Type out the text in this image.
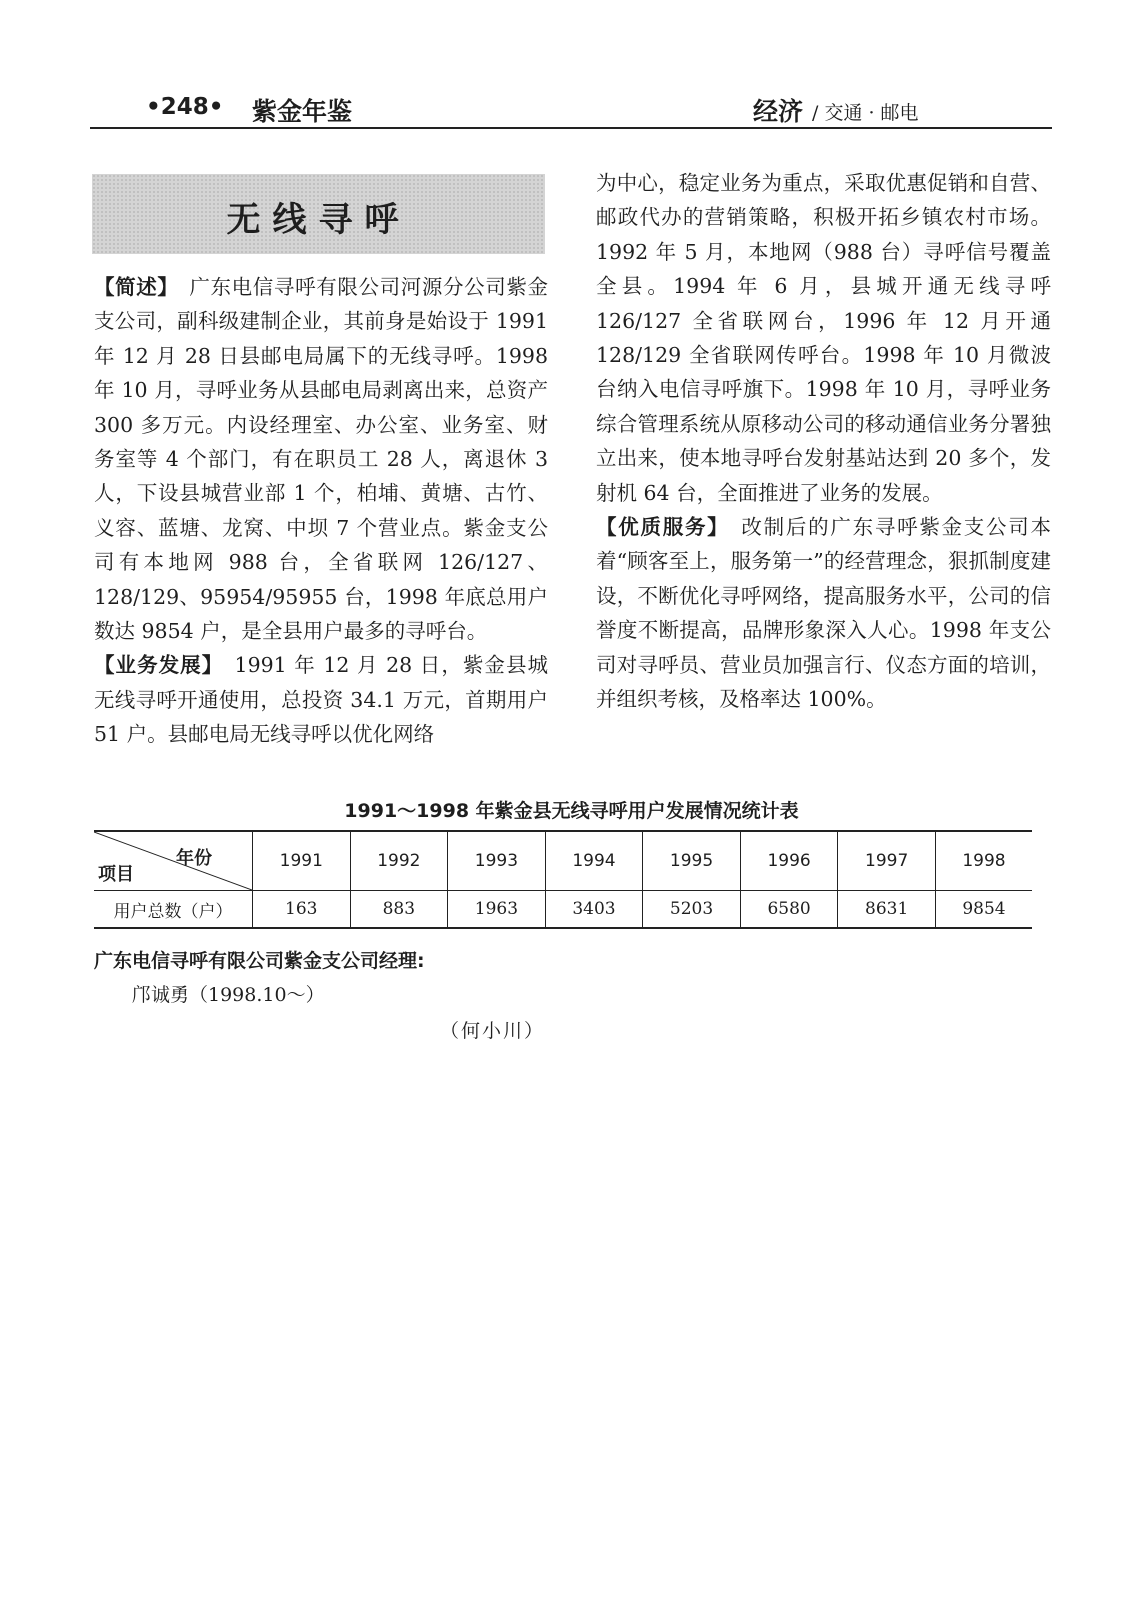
•248• 紫金年鉴	经济 / 交通 · 邮电
无线寻呼

【简述】　广东电信寻呼有限公司河源分公司紫金支公司，副科级建制企业，其前身是始设于 1991 年 12 月 28 日县邮电局属下的无线寻呼。1998 年 10 月，寻呼业务从县邮电局剥离出来，总资产 300 多万元。内设经理室、办公室、业务室、财务室等 4 个部门，有在职员工 28 人，离退休 3 人，下设县城营业部 1 个，柏埔、黄塘、古竹、义容、蓝塘、龙窝、中坝 7 个营业点。紫金支公司有本地网 988 台，全省联网 126/127、128/129、95954/95955 台，1998 年底总用户数达 9854 户，是全县用户最多的寻呼台。

【业务发展】　1991 年 12 月 28 日，紫金县城无线寻呼开通使用，总投资 34.1 万元，首期用户 51 户。县邮电局无线寻呼以优化网络

为中心，稳定业务为重点，采取优惠促销和自营、邮政代办的营销策略，积极开拓乡镇农村市场。1992 年 5 月，本地网（988 台）寻呼信号覆盖全县。1994 年 6 月，县城开通无线寻呼 126/127 全省联网台，1996 年 12 月开通 128/129 全省联网传呼台。1998 年 10 月微波台纳入电信寻呼旗下。1998 年 10 月，寻呼业务综合管理系统从原移动公司的移动通信业务分署独立出来，使本地寻呼台发射基站达到 20 多个，发射机 64 台，全面推进了业务的发展。

【优质服务】　改制后的广东寻呼紫金支公司本着“顾客至上，服务第一”的经营理念，狠抓制度建设，不断优化寻呼网络，提高服务水平，公司的信誉度不断提高，品牌形象深入人心。1998 年支公司对寻呼员、营业员加强言行、仪态方面的培训，并组织考核，及格率达 100%。

1991～1998 年紫金县无线寻呼用户发展情况统计表
年份
项目	1991	1992	1993	1994	1995	1996	1997	1998
用户总数（户）	163	883	1963	3403	5203	6580	8631	9854
广东电信寻呼有限公司紫金支公司经理:
邝诚勇（1998.10～）
（何小川）
